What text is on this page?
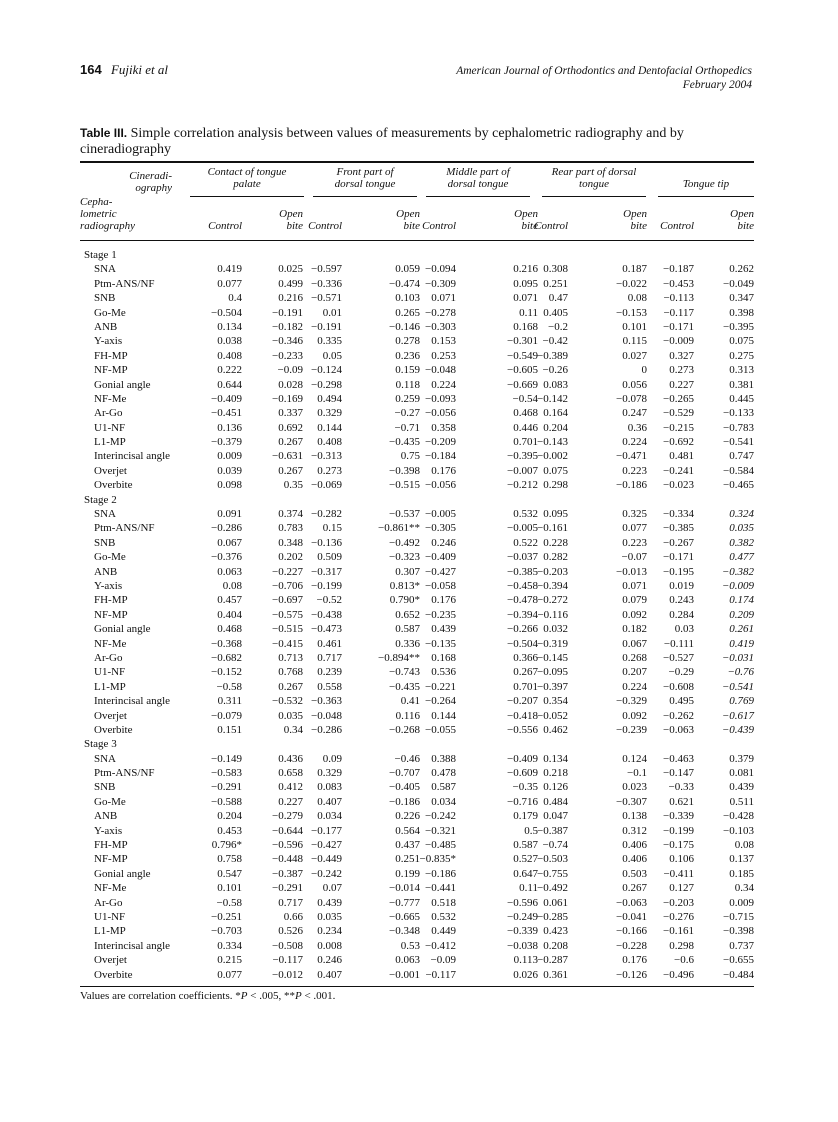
164 Fujiki et al	American Journal of Orthodontics and Dentofacial Orthopedics
February 2004
Table III. Simple correlation analysis between values of measurements by cephalometric radiography and by cineradiography
Cineradi-
ography
Cepha-
lometric
radiography
Contact of tongue
palate
Control
Open
bite
Front part of
dorsal tongue
Control
Open
bite
Middle part of
dorsal tongue
Control
Open
bite
Rear part of dorsal
tongue
Control
Open
bite
Tongue tip
Control
Open
bite
Stage 1
SNA	0.419	0.025 −0.597	0.059 −0.094	0.216 0.308	0.187	−0.187	0.262
Ptm-ANS/NF	0.077	0.499 −0.336	−0.474 −0.309	0.095 0.251	−0.022	−0.453	−0.049
SNB	0.4	0.216 −0.571	0.103	0.071	0.071 0.47	0.08	−0.113	0.347
Go-Me	−0.504	−0.191	0.01	0.265 −0.278	0.11 0.405	−0.153	−0.117	0.398
ANB	0.134	−0.182 −0.191	−0.146 −0.303	0.168 −0.2	0.101	−0.171	−0.395
Y-axis	0.038	−0.346	0.335	0.278	0.153	−0.301 −0.42	0.115	−0.009	0.075
FH-MP	0.408	−0.233	0.05	0.236	0.253	−0.549 −0.389	0.027	0.327	0.275
NF-MP	0.222	−0.09 −0.124	0.159 −0.048	−0.605 −0.26	0	0.273	0.313
Gonial angle	0.644	0.028 −0.298	0.118	0.224	−0.669 0.083	0.056	0.227	0.381
NF-Me	−0.409	−0.169	0.494	0.259 −0.093	−0.54 −0.142	−0.078	−0.265	0.445
Ar-Go	−0.451	0.337	0.329	−0.27 −0.056	0.468 0.164	0.247	−0.529	−0.133
U1-NF	0.136	0.692	0.144	−0.71	0.358	0.446 0.204	0.36	−0.215	−0.783
L1-MP	−0.379	0.267	0.408	−0.435 −0.209	0.701 −0.143	0.224	−0.692	−0.541
Interincisal angle	0.009	−0.631 −0.313	0.75 −0.184	−0.395 −0.002	−0.471	0.481	0.747
Overjet	0.039	0.267	0.273	−0.398	0.176	−0.007 0.075	0.223	−0.241	−0.584
Overbite	0.098	0.35 −0.069	−0.515 −0.056	−0.212 0.298	−0.186	−0.023	−0.465
Stage 2
SNA	0.091	0.374 −0.282	−0.537 −0.005	0.532 0.095	0.325	−0.334	0.324
Ptm-ANS/NF	−0.286	0.783	0.15	−0.861** −0.305	−0.005 −0.161	0.077	−0.385	0.035
SNB	0.067	0.348 −0.136	−0.492	0.246	0.522 0.228	0.223	−0.267	0.382
Go-Me	−0.376	0.202	0.509	−0.323 −0.409	−0.037 0.282	−0.07	−0.171	0.477
ANB	0.063	−0.227 −0.317	0.307 −0.427	−0.385 −0.203	−0.013	−0.195	−0.382
Y-axis	0.08	−0.706 −0.199	0.813* −0.058	−0.458 −0.394	0.071	0.019	−0.009
FH-MP	0.457	−0.697	−0.52	0.790*	0.176	−0.478 −0.272	0.079	0.243	0.174
NF-MP	0.404	−0.575 −0.438	0.652 −0.235	−0.394 −0.116	0.092	0.284	0.209
Gonial angle	0.468	−0.515 −0.473	0.587	0.439	−0.266 0.032	0.182	0.03	0.261
NF-Me	−0.368	−0.415	0.461	0.336 −0.135	−0.504 −0.319	0.067	−0.111	0.419
Ar-Go	−0.682	0.713	0.717	−0.894**	0.168	0.366 −0.145	0.268	−0.527	−0.031
U1-NF	−0.152	0.768	0.239	−0.743	0.536	0.267 −0.095	0.207	−0.29	−0.76
L1-MP	−0.58	0.267	0.558	−0.435 −0.221	0.701 −0.397	0.224	−0.608	−0.541
Interincisal angle	0.311	−0.532 −0.363	0.41 −0.264	−0.207 0.354	−0.329	0.495	0.769
Overjet	−0.079	0.035 −0.048	0.116	0.144	−0.418 −0.052	0.092	−0.262	−0.617
Overbite	0.151	0.34 −0.286	−0.268 −0.055	−0.556 0.462	−0.239	−0.063	−0.439
Stage 3
SNA	−0.149	0.436	0.09	−0.46	0.388	−0.409 0.134	0.124	−0.463	0.379
Ptm-ANS/NF	−0.583	0.658	0.329	−0.707	0.478	−0.609 0.218	−0.1	−0.147	0.081
SNB	−0.291	0.412	0.083	−0.405	0.587	−0.35 0.126	0.023	−0.33	0.439
Go-Me	−0.588	0.227	0.407	−0.186	0.034	−0.716 0.484	−0.307	0.621	0.511
ANB	0.204	−0.279	0.034	0.226 −0.242	0.179 0.047	0.138	−0.339	−0.428
Y-axis	0.453	−0.644 −0.177	0.564 −0.321	0.5 −0.387	0.312	−0.199	−0.103
FH-MP	0.796*	−0.596 −0.427	0.437 −0.485	0.587 −0.74	0.406	−0.175	0.08
NF-MP	0.758	−0.448 −0.449	0.251 −0.835*	0.527 −0.503	0.406	0.106	0.137
Gonial angle	0.547	−0.387 −0.242	0.199 −0.186	0.647 −0.755	0.503	−0.411	0.185
NF-Me	0.101	−0.291	0.07	−0.014 −0.441	0.11 −0.492	0.267	0.127	0.34
Ar-Go	−0.58	0.717	0.439	−0.777	0.518	−0.596 0.061	−0.063	−0.203	0.009
U1-NF	−0.251	0.66	0.035	−0.665	0.532	−0.249 −0.285	−0.041	−0.276	−0.715
L1-MP	−0.703	0.526	0.234	−0.348	0.449	−0.339 0.423	−0.166	−0.161	−0.398
Interincisal angle	0.334	−0.508	0.008	0.53 −0.412	−0.038 0.208	−0.228	0.298	0.737
Overjet	0.215	−0.117	0.246	0.063 −0.09	0.113 −0.287	0.176	−0.6	−0.655
Overbite	0.077	−0.012	0.407	−0.001 −0.117	0.026 0.361	−0.126	−0.496	−0.484
Values are correlation coefficients. *P < .005, **P < .001.
